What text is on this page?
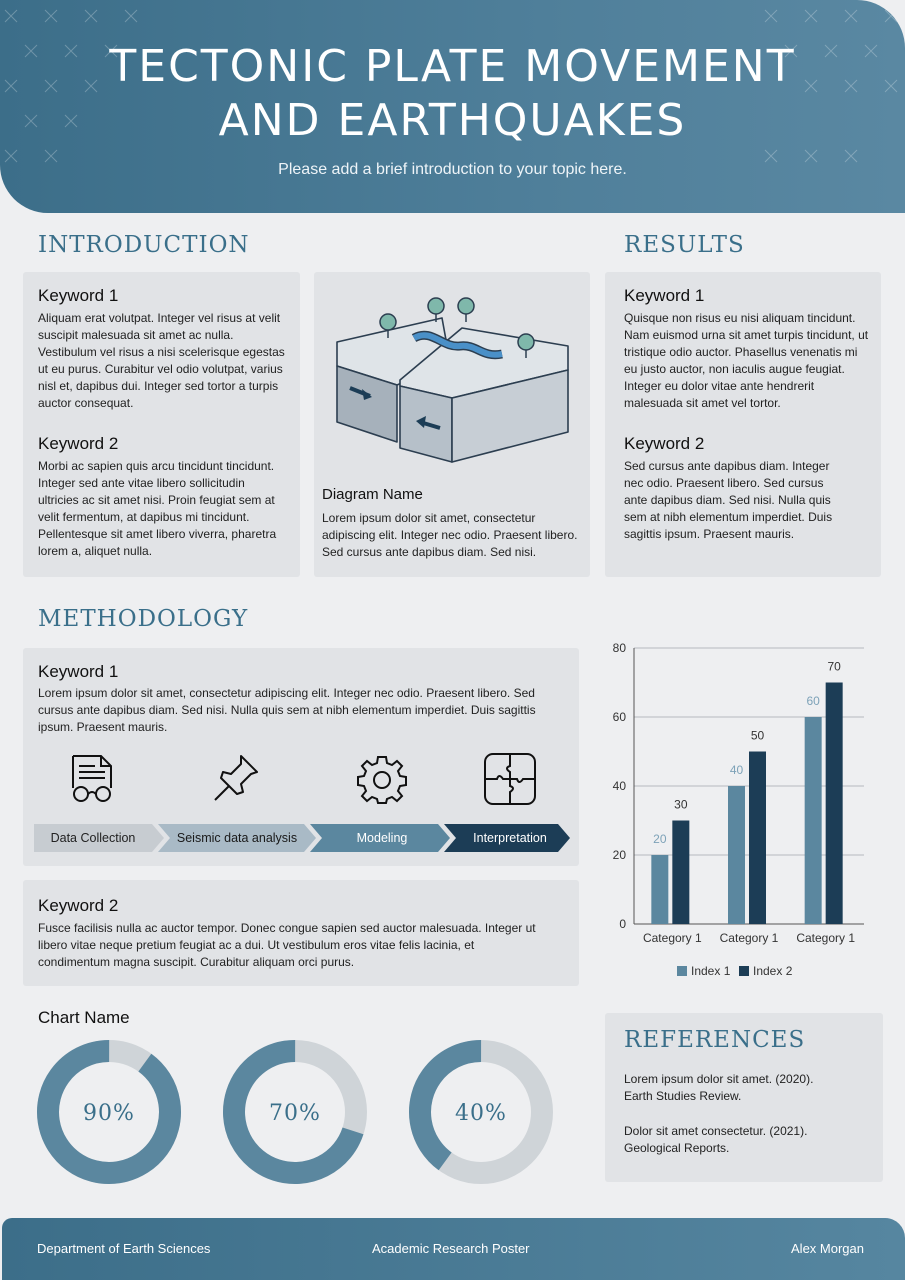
TECTONIC PLATE MOVEMENT
AND EARTHQUAKES
Please add a brief introduction to your topic here.
INTRODUCTION
Keyword 1
Aliquam erat volutpat. Integer vel risus at velit suscipit malesuada sit amet ac nulla. Vestibulum vel risus a nisi scelerisque egestas ut eu purus. Curabitur vel odio volutpat, varius nisl et, dapibus dui. Integer sed tortor a turpis auctor consequat.
Keyword 2
Morbi ac sapien quis arcu tincidunt tincidunt. Integer sed ante vitae libero sollicitudin ultricies ac sit amet nisi. Proin feugiat sem at velit fermentum, at dapibus mi tincidunt. Pellentesque sit amet libero viverra, pharetra lorem a, aliquet nulla.
Diagram Name
Lorem ipsum dolor sit amet, consectetur adipiscing elit. Integer nec odio. Praesent libero. Sed cursus ante dapibus diam. Sed nisi.
RESULTS
Keyword 1
Quisque non risus eu nisi aliquam tincidunt. Nam euismod urna sit amet turpis tincidunt, ut tristique odio auctor. Phasellus venenatis mi eu justo auctor, non iaculis augue feugiat. Integer eu dolor vitae ante hendrerit malesuada sit amet vel tortor.
Keyword 2
Sed cursus ante dapibus diam. Integer nec odio. Praesent libero. Sed cursus ante dapibus diam. Sed nisi. Nulla quis sem at nibh elementum imperdiet. Duis sagittis ipsum. Praesent mauris.
METHODOLOGY
Keyword 1
Lorem ipsum dolor sit amet, consectetur adipiscing elit. Integer nec odio. Praesent libero. Sed cursus ante dapibus diam. Sed nisi. Nulla quis sem at nibh elementum imperdiet. Duis sagittis ipsum. Praesent mauris.
Data Collection	Seismic data analysis	Modeling	Interpretation
Keyword 2
Fusce facilisis nulla ac auctor tempor. Donec congue sapien sed auctor malesuada. Integer ut libero vitae neque pretium feugiat ac a dui. Ut vestibulum eros vitae felis lacinia, et condimentum magna suscipit. Curabitur aliquam orci purus.
0
20
40
60
80
20
30
Category 1
40
50
Category 1
60
70
Category 1
Index 1 Index 2
Chart Name
90%	70%	40%
REFERENCES
Lorem ipsum dolor sit amet. (2020).
Earth Studies Review.
Dolor sit amet consectetur. (2021).
Geological Reports.
Department of Earth Sciences	Academic Research Poster	Alex Morgan
